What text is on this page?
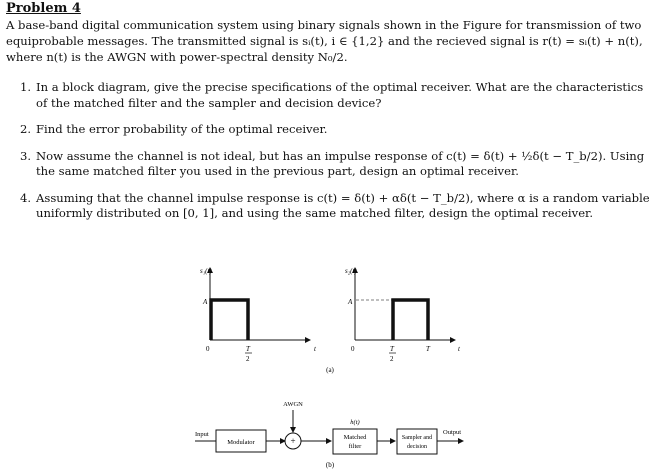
Problem 4

A base-band digital communication system using binary signals shown in the Figure for transmission of two equiprobable messages. The transmitted signal is sᵢ(t), i ∈ {1,2} and the recieved signal is r(t) = sᵢ(t) + n(t), where n(t) is the AWGN with power-spectral density N₀/2.

1. In a block diagram, give the precise specifications of the optimal receiver. What are the characteristics of the matched filter and the sampler and decision device?
2. Find the error probability of the optimal receiver.
3. Now assume the channel is not ideal, but has an impulse response of c(t) = δ(t) + ½δ(t − T_b/2). Using the same matched filter you used in the previous part, design an optimal receiver.
4. Assuming that the channel impulse response is c(t) = δ(t) + αδ(t − T_b/2), where α is a random variable uniformly distributed on [0, 1], and using the same matched filter, design the optimal receiver.
s₁(t)
A
0	T
2
t
s₂(t)
A
0	T
2
T	t
(a)
Input
Modulator	+
AWGN
h(t)
Matched
filter
Sampler and
decision
Output
(b)
